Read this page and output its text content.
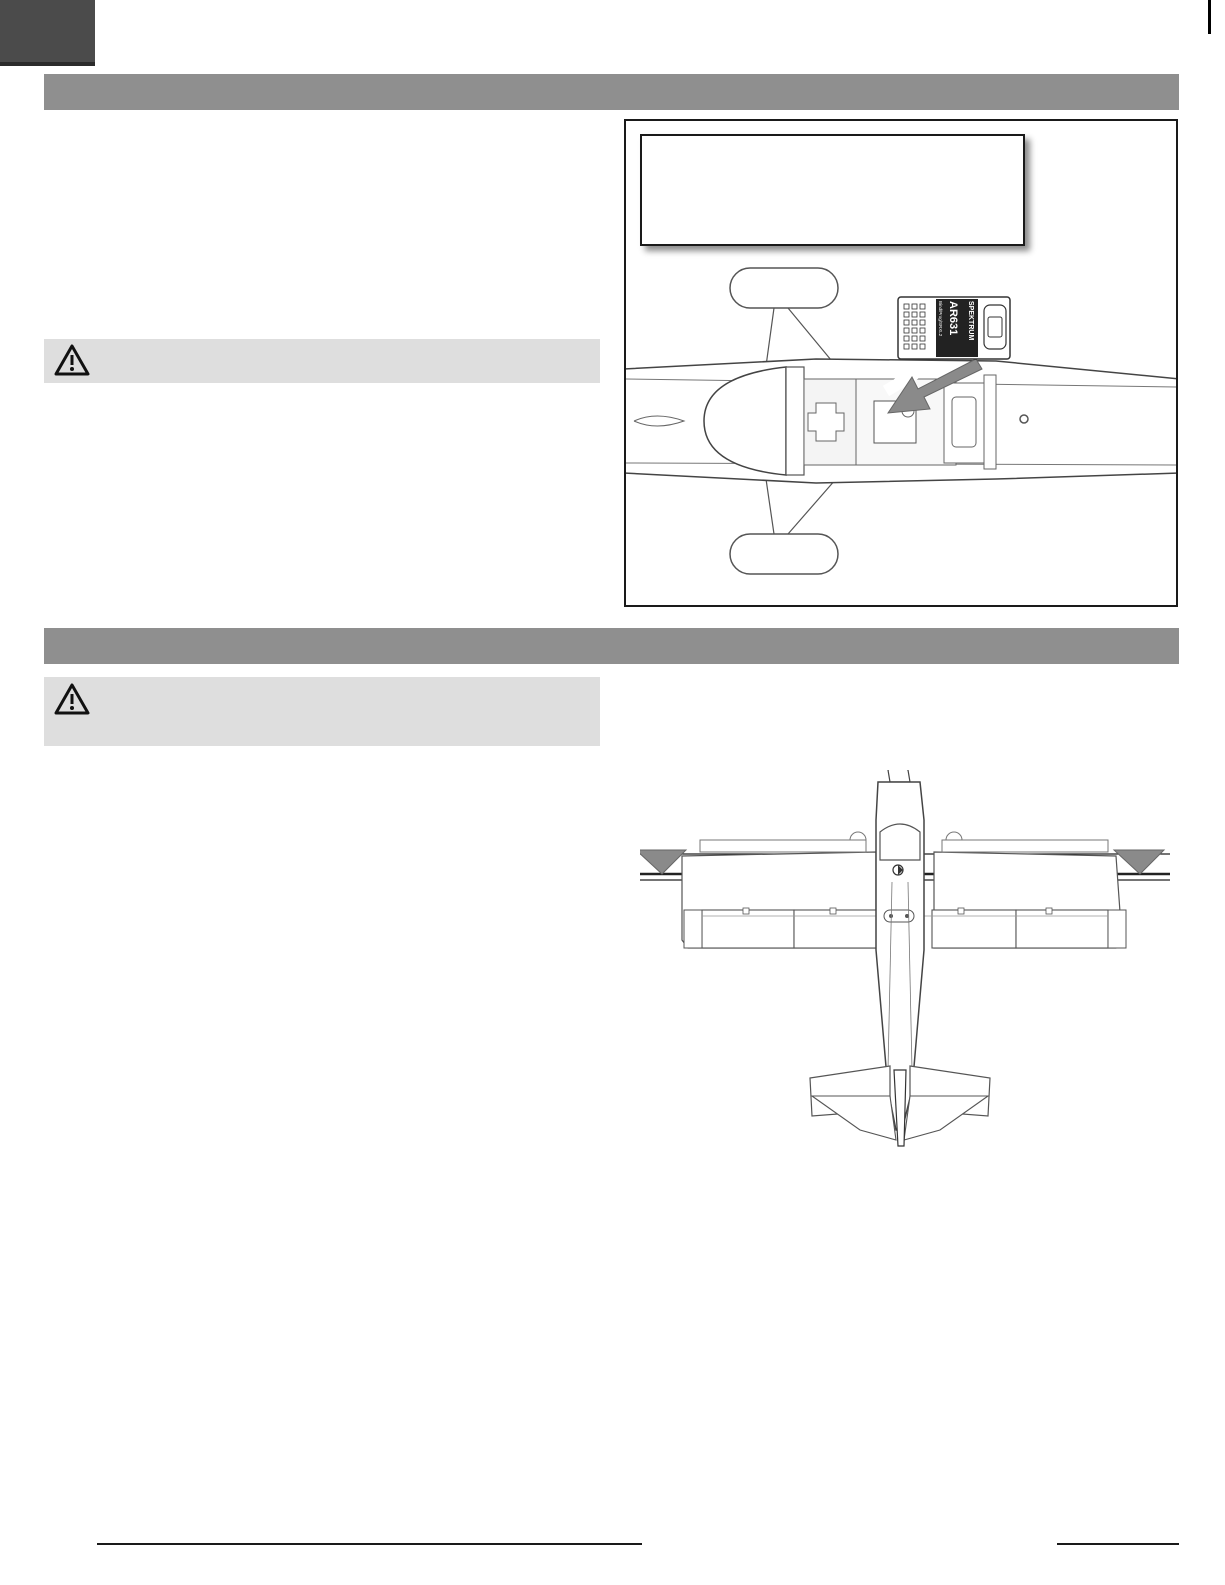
SPEKTRUM
AR631
Bind/Prog/SRXL2
